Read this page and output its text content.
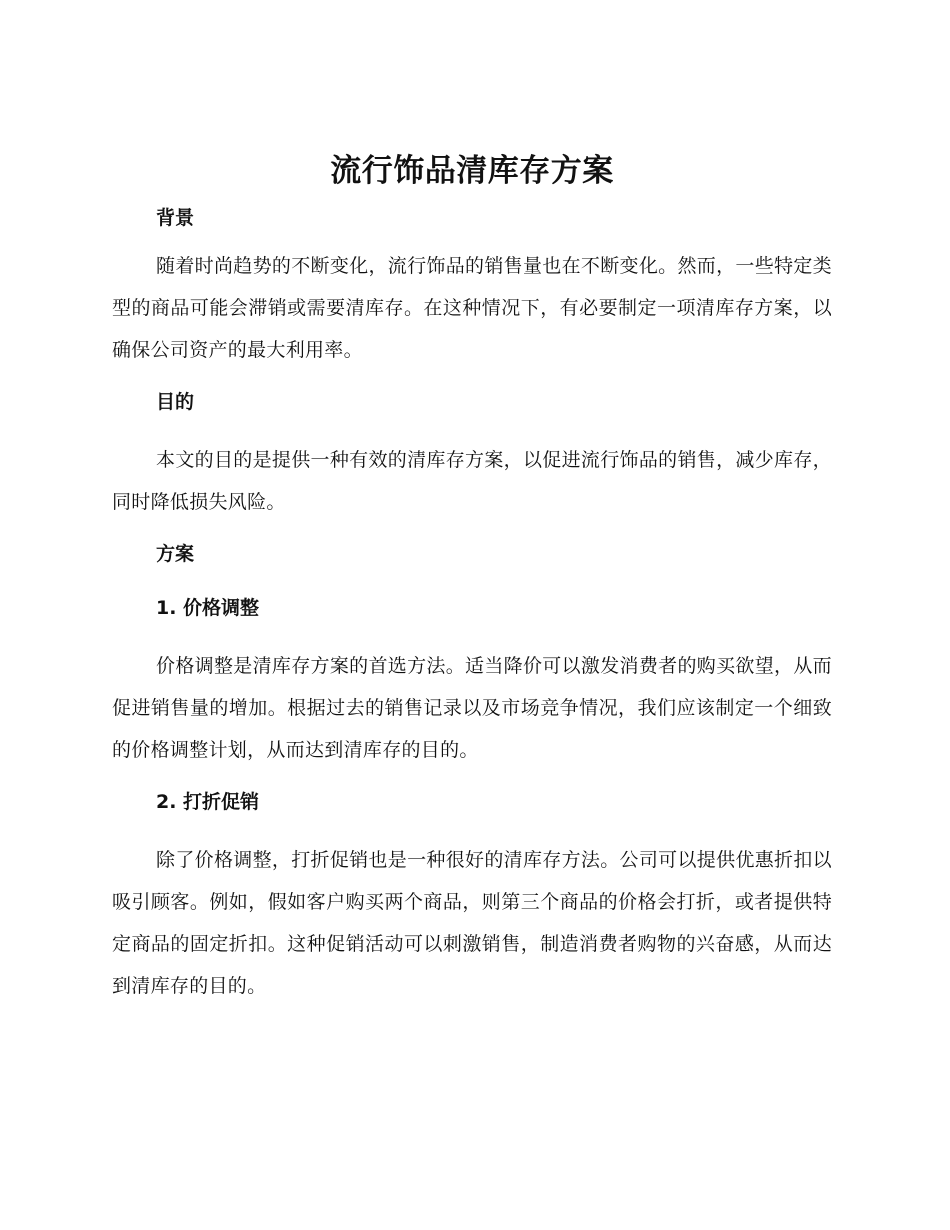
流行饰品清库存方案
背景

随着时尚趋势的不断变化，流行饰品的销售量也在不断变化。然而，一些特定类型的商品可能会滞销或需要清库存。在这种情况下，有必要制定一项清库存方案，以确保公司资产的最大利用率。

目的

本文的目的是提供一种有效的清库存方案，以促进流行饰品的销售，减少库存，同时降低损失风险。

方案
1. 价格调整

价格调整是清库存方案的首选方法。适当降价可以激发消费者的购买欲望，从而促进销售量的增加。根据过去的销售记录以及市场竞争情况，我们应该制定一个细致的价格调整计划，从而达到清库存的目的。

2. 打折促销

除了价格调整，打折促销也是一种很好的清库存方法。公司可以提供优惠折扣以吸引顾客。例如，假如客户购买两个商品，则第三个商品的价格会打折，或者提供特定商品的固定折扣。这种促销活动可以刺激销售，制造消费者购物的兴奋感，从而达到清库存的目的。
